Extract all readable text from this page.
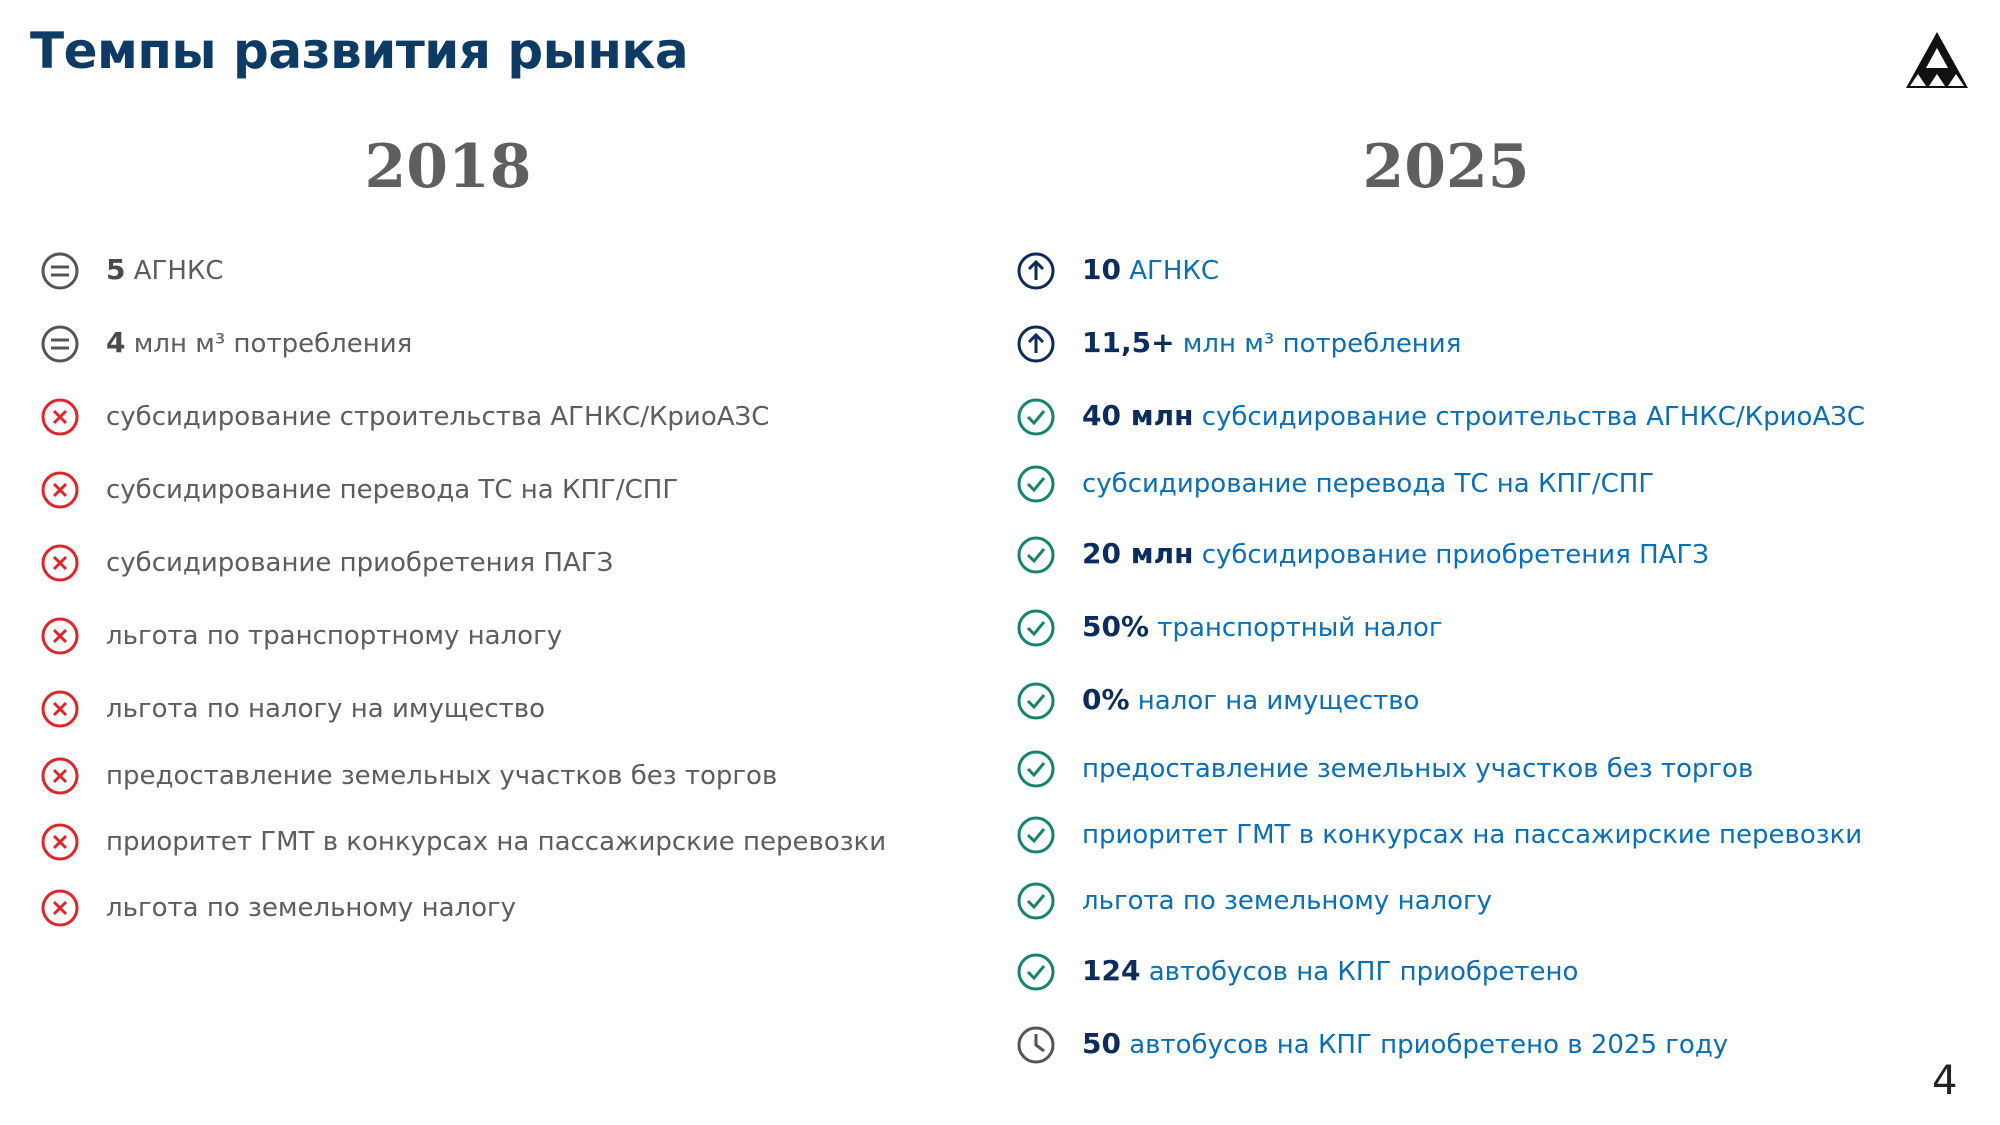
Темпы развития рынка
2018	2025
5 АГНКС
4 млн м³ потребления
субсидирование строительства АГНКС/КриоАЗС
субсидирование перевода ТС на КПГ/СПГ
субсидирование приобретения ПАГЗ
льгота по транспортному налогу
льгота по налогу на имущество
предоставление земельных участков без торгов
приоритет ГМТ в конкурсах на пассажирские перевозки
льгота по земельному налогу
10 АГНКС
11,5+ млн м³ потребления
40 млн субсидирование строительства АГНКС/КриоАЗС
субсидирование перевода ТС на КПГ/СПГ
20 млн субсидирование приобретения ПАГЗ
50% транспортный налог
0% налог на имущество
предоставление земельных участков без торгов
приоритет ГМТ в конкурсах на пассажирские перевозки
льгота по земельному налогу
124 автобусов на КПГ приобретено
50 автобусов на КПГ приобретено в 2025 году
4
